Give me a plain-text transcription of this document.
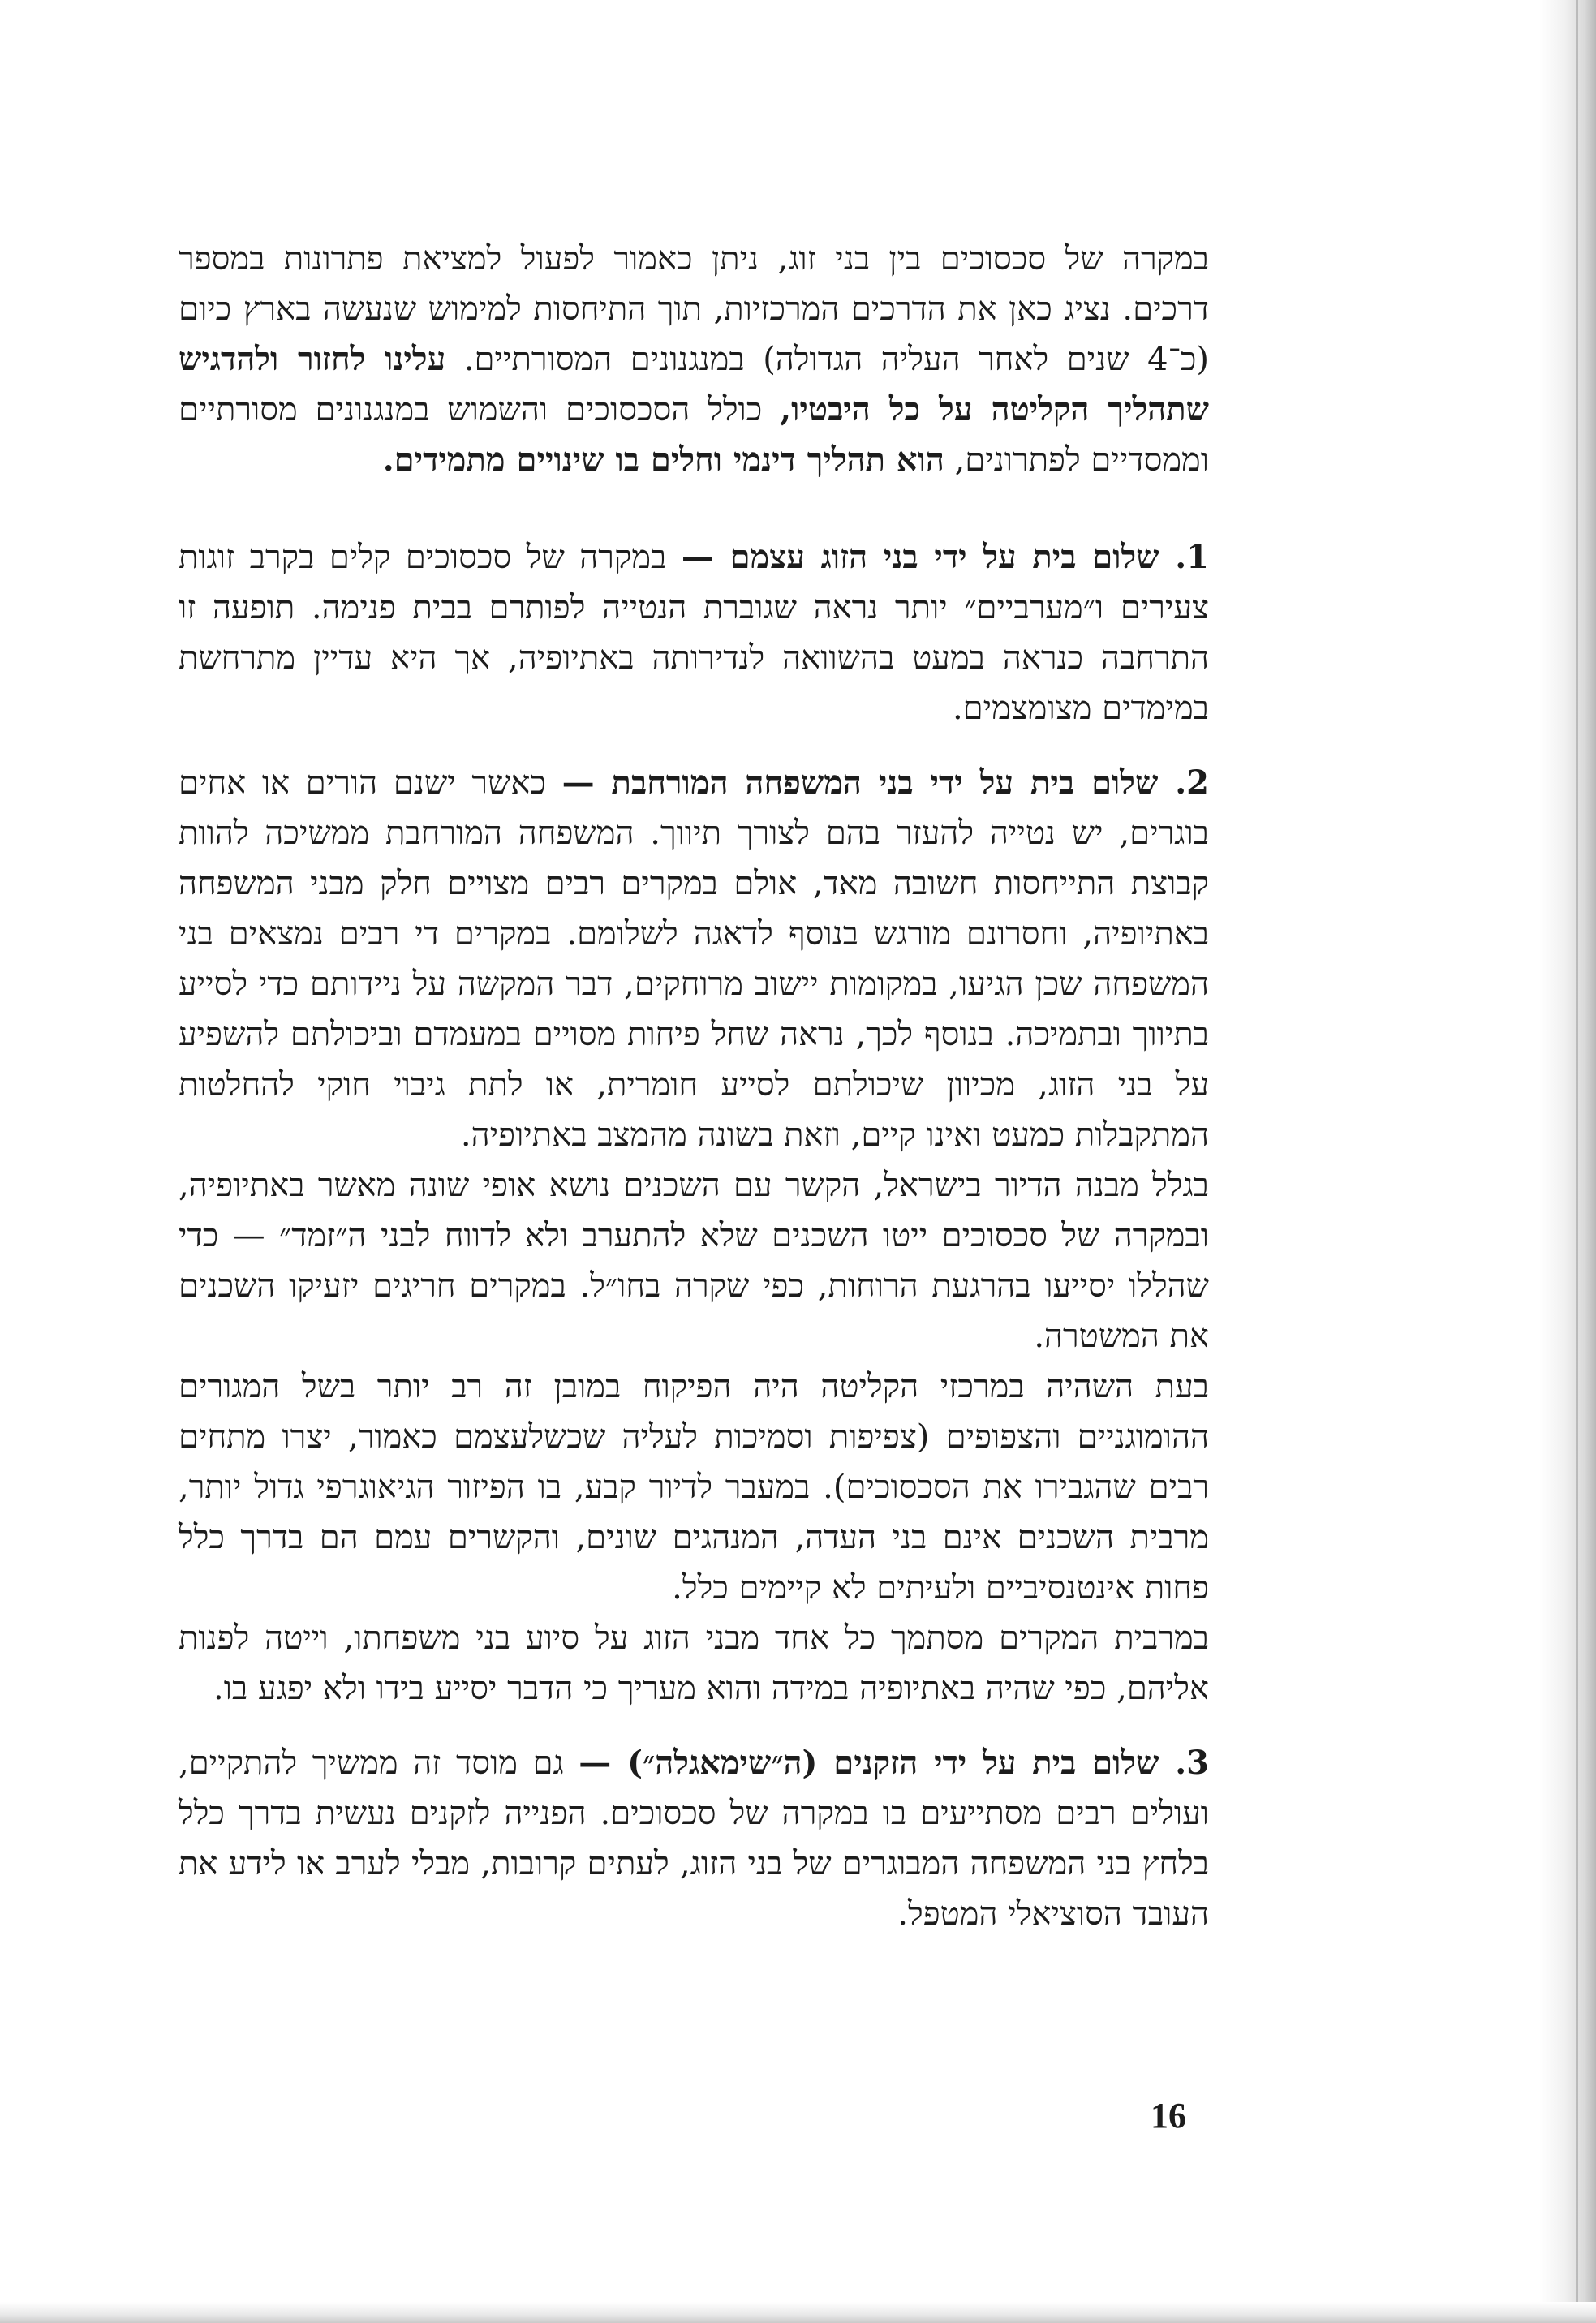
במקרה של סכסוכים בין בני זוג, ניתן כאמור לפעול למציאת פתרונות במספר דרכים. נציג כאן את הדרכים המרכזיות, תוך התיחסות למימוש שנעשה בארץ כיום (כ־4 שנים לאחר העליה הגדולה) במנגנונים המסורתיים. עלינו לחזור ולהדגיש שתהליך הקליטה על כל היבטיו, כולל הסכסוכים והשמוש במנגנונים מסורתיים וממסדיים לפתרונים, הוא תהליך דינמי וחלים בו שינויים מתמידים.

1. שלום בית על ידי בני הזוג עצמם — במקרה של סכסוכים קלים בקרב זוגות צעירים ו״מערביים״ יותר נראה שגוברת הנטייה לפותרם בבית פנימה. תופעה זו התרחבה כנראה במעט בהשוואה לנדירותה באתיופיה, אך היא עדיין מתרחשת במימדים מצומצמים.

2. שלום בית על ידי בני המשפחה המורחבת — כאשר ישנם הורים או אחים בוגרים, יש נטייה להעזר בהם לצורך תיווך. המשפחה המורחבת ממשיכה להוות קבוצת התייחסות חשובה מאד, אולם במקרים רבים מצויים חלק מבני המשפחה באתיופיה, וחסרונם מורגש בנוסף לדאגה לשלומם. במקרים די רבים נמצאים בני המשפחה שכן הגיעו, במקומות יישוב מרוחקים, דבר המקשה על ניידותם כדי לסייע בתיווך ובתמיכה. בנוסף לכך, נראה שחל פיחות מסויים במעמדם וביכולתם להשפיע על בני הזוג, מכיוון שיכולתם לסייע חומרית, או לתת גיבוי חוקי להחלטות המתקבלות כמעט ואינו קיים, וזאת בשונה מהמצב באתיופיה.

בגלל מבנה הדיור בישראל, הקשר עם השכנים נושא אופי שונה מאשר באתיופיה, ובמקרה של סכסוכים ייטו השכנים שלא להתערב ולא לדווח לבני ה״זמד״ — כדי שהללו יסייעו בהרגעת הרוחות, כפי שקרה בחו״ל. במקרים חריגים יזעיקו השכנים את המשטרה.

בעת השהיה במרכזי הקליטה היה הפיקוח במובן זה רב יותר בשל המגורים ההומוגניים והצפופים (צפיפות וסמיכות לעליה שכשלעצמם כאמור, יצרו מתחים רבים שהגבירו את הסכסוכים). במעבר לדיור קבע, בו הפיזור הגיאוגרפי גדול יותר, מרבית השכנים אינם בני העדה, המנהגים שונים, והקשרים עמם הם בדרך כלל פחות אינטנסיביים ולעיתים לא קיימים כלל.

במרבית המקרים מסתמך כל אחד מבני הזוג על סיוע בני משפחתו, וייטה לפנות אליהם, כפי שהיה באתיופיה במידה והוא מעריך כי הדבר יסייע בידו ולא יפגע בו.

3. שלום בית על ידי הזקנים (ה״שימאגלה״) — גם מוסד זה ממשיך להתקיים, ועולים רבים מסתייעים בו במקרה של סכסוכים. הפנייה לזקנים נעשית בדרך כלל בלחץ בני המשפחה המבוגרים של בני הזוג, לעתים קרובות, מבלי לערב או לידע את העובד הסוציאלי המטפל.

16
